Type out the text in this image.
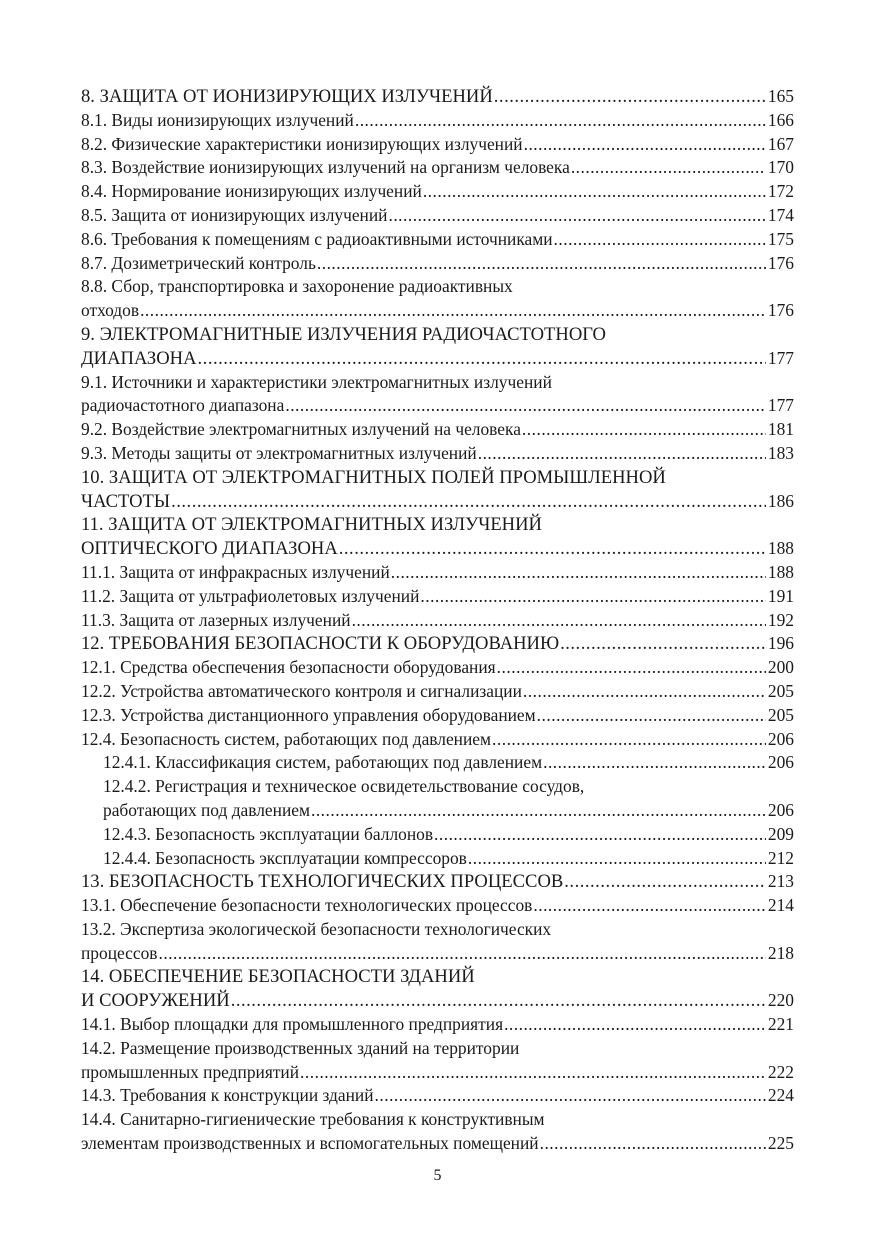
8. ЗАЩИТА ОТ ИОНИЗИРУЮЩИХ ИЗЛУЧЕНИЙ .....	165
8.1. Виды ионизирующих излучений .....	166
8.2. Физические характеристики ионизирующих излучений .....	167
8.3. Воздействие ионизирующих излучений на организм человека .....	170
8.4. Нормирование ионизирующих излучений .....	172
8.5. Защита от ионизирующих излучений .....	174
8.6. Требования к помещениям с радиоактивными источниками .....	175
8.7. Дозиметрический контроль .....	176
8.8. Сбор, транспортировка и захоронение радиоактивных
отходов .....	176
9. ЭЛЕКТРОМАГНИТНЫЕ ИЗЛУЧЕНИЯ РАДИОЧАСТОТНОГО
ДИАПАЗОНА .....	177
9.1. Источники и характеристики электромагнитных излучений
радиочастотного диапазона .....	177
9.2. Воздействие электромагнитных излучений на человека .....	181
9.3. Методы защиты от электромагнитных излучений .....	183
10. ЗАЩИТА ОТ ЭЛЕКТРОМАГНИТНЫХ ПОЛЕЙ ПРОМЫШЛЕННОЙ
ЧАСТОТЫ .....	186
11. ЗАЩИТА ОТ ЭЛЕКТРОМАГНИТНЫХ ИЗЛУЧЕНИЙ
ОПТИЧЕСКОГО ДИАПАЗОНА .....	188
11.1. Защита от инфракрасных излучений .....	188
11.2. Защита от ультрафиолетовых излучений .....	191
11.3. Защита от лазерных излучений .....	192
12. ТРЕБОВАНИЯ БЕЗОПАСНОСТИ К ОБОРУДОВАНИЮ .....	196
12.1. Средства обеспечения безопасности оборудования .....	200
12.2. Устройства автоматического контроля и сигнализации .....	205
12.3. Устройства дистанционного управления оборудованием .....	205
12.4. Безопасность систем, работающих под давлением .....	206
12.4.1. Классификация систем, работающих под давлением .....	206
12.4.2. Регистрация и техническое освидетельствование сосудов,
работающих под давлением .....	206
12.4.3. Безопасность эксплуатации баллонов .....	209
12.4.4. Безопасность эксплуатации компрессоров .....	212
13. БЕЗОПАСНОСТЬ ТЕХНОЛОГИЧЕСКИХ ПРОЦЕССОВ .....	213
13.1. Обеспечение безопасности технологических процессов .....	214
13.2. Экспертиза экологической безопасности технологических
процессов .....	218
14. ОБЕСПЕЧЕНИЕ БЕЗОПАСНОСТИ ЗДАНИЙ
И СООРУЖЕНИЙ .....	220
14.1. Выбор площадки для промышленного предприятия .....	221
14.2. Размещение производственных зданий на территории
промышленных предприятий .....	222
14.3. Требования к конструкции зданий .....	224
14.4. Санитарно-гигиенические требования к конструктивным
элементам производственных и вспомогательных помещений .....	225
5
